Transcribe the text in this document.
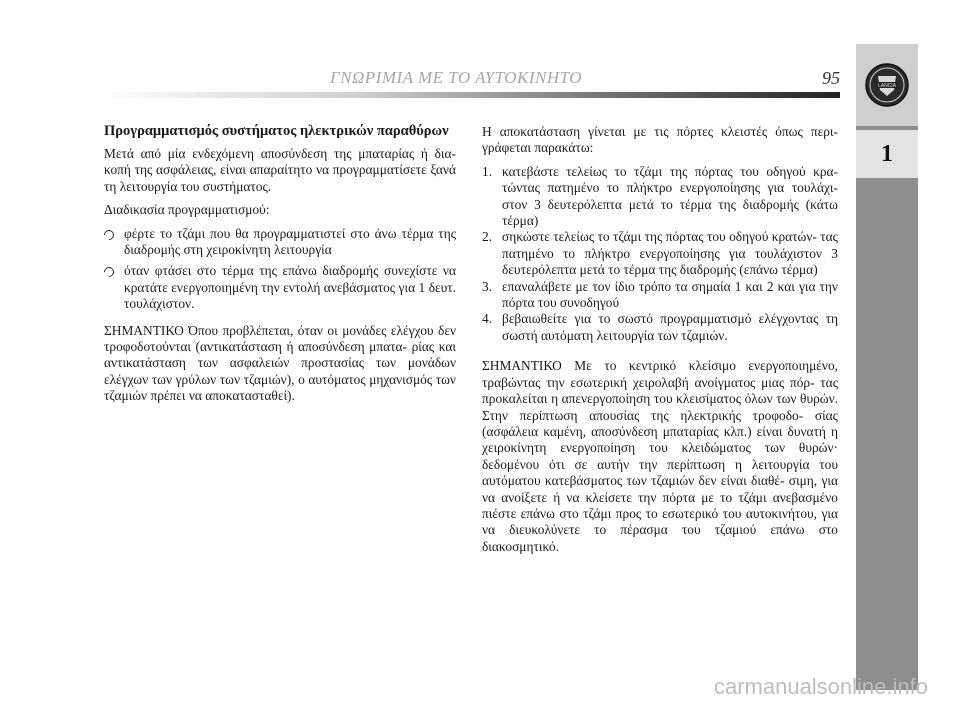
ΓΝΩΡΙΜΙΑ ΜΕ ΤΟ ΑΥΤΟΚΙΝΗΤΟ	95	LANCIA
1
Προγραμματισμός συστήματος ηλεκτρικών παραθύρων

Μετά από μία ενδεχόμενη αποσύνδεση της μπαταρίας ή δια- κοπή της ασφάλειας, είναι απαραίτητο να προγραμματίσετε ξανά τη λειτουργία του συστήματος.

Διαδικασία προγραμματισμού:

φέρτε το τζάμι που θα προγραμματιστεί στο άνω τέρμα της διαδρομής στη χειροκίνητη λειτουργία
όταν φτάσει στο τέρμα της επάνω διαδρομής συνεχίστε να κρατάτε ενεργοποιημένη την εντολή ανεβάσματος για 1 δευτ. τουλάχιστον.

ΣΗΜΑΝΤΙΚΟ Όπου προβλέπεται, όταν οι μονάδες ελέγχου δεν τροφοδοτούνται (αντικατάσταση ή αποσύνδεση μπατα- ρίας και αντικατάσταση των ασφαλειών προστασίας των μονάδων ελέγχων των γρύλων των τζαμιών), ο αυτόματος μηχανισμός των τζαμιών πρέπει να αποκατασταθεί).

Η αποκατάσταση γίνεται με τις πόρτες κλειστές όπως περι- γράφεται παρακάτω:

1. κατεβάστε τελείως το τζάμι της πόρτας του οδηγού κρα- τώντας πατημένο το πλήκτρο ενεργοποίησης για τουλάχι- στον 3 δευτερόλεπτα μετά το τέρμα της διαδρομής (κάτω τέρμα)
2. σηκώστε τελείως το τζάμι της πόρτας του οδηγού κρατών- τας πατημένο το πλήκτρο ενεργοποίησης για τουλάχιστον 3 δευτερόλεπτα μετά το τέρμα της διαδρομής (επάνω τέρμα)
3. επαναλάβετε με τον ίδιο τρόπο τα σημαία 1 και 2 και για την πόρτα του συνοδηγού
4. βεβαιωθείτε για το σωστό προγραμματισμό ελέγχοντας τη σωστή αυτόματη λειτουργία των τζαμιών.

ΣΗΜΑΝΤΙΚΟ Με το κεντρικό κλείσιμο ενεργοποιημένο, τραβώντας την εσωτερική χειρολαβή ανοίγματος μιας πόρ- τας προκαλείται η απενεργοποίηση του κλεισίματος όλων των θυρών. Στην περίπτωση απουσίας της ηλεκτρικής τροφοδο- σίας (ασφάλεια καμένη, αποσύνδεση μπαταρίας κλπ.) είναι δυνατή η χειροκίνητη ενεργοποίηση του κλειδώματος των θυρών· δεδομένου ότι σε αυτήν την περίπτωση η λειτουργία του αυτόματου κατεβάσματος των τζαμιών δεν είναι διαθέ- σιμη, για να ανοίξετε ή να κλείσετε την πόρτα με το τζάμι ανεβασμένο πιέστε επάνω στο τζάμι προς το εσωτερικό του αυτοκινήτου, για να διευκολύνετε το πέρασμα του τζαμιού επάνω στο διακοσμητικό.

carmanualsonline.info
